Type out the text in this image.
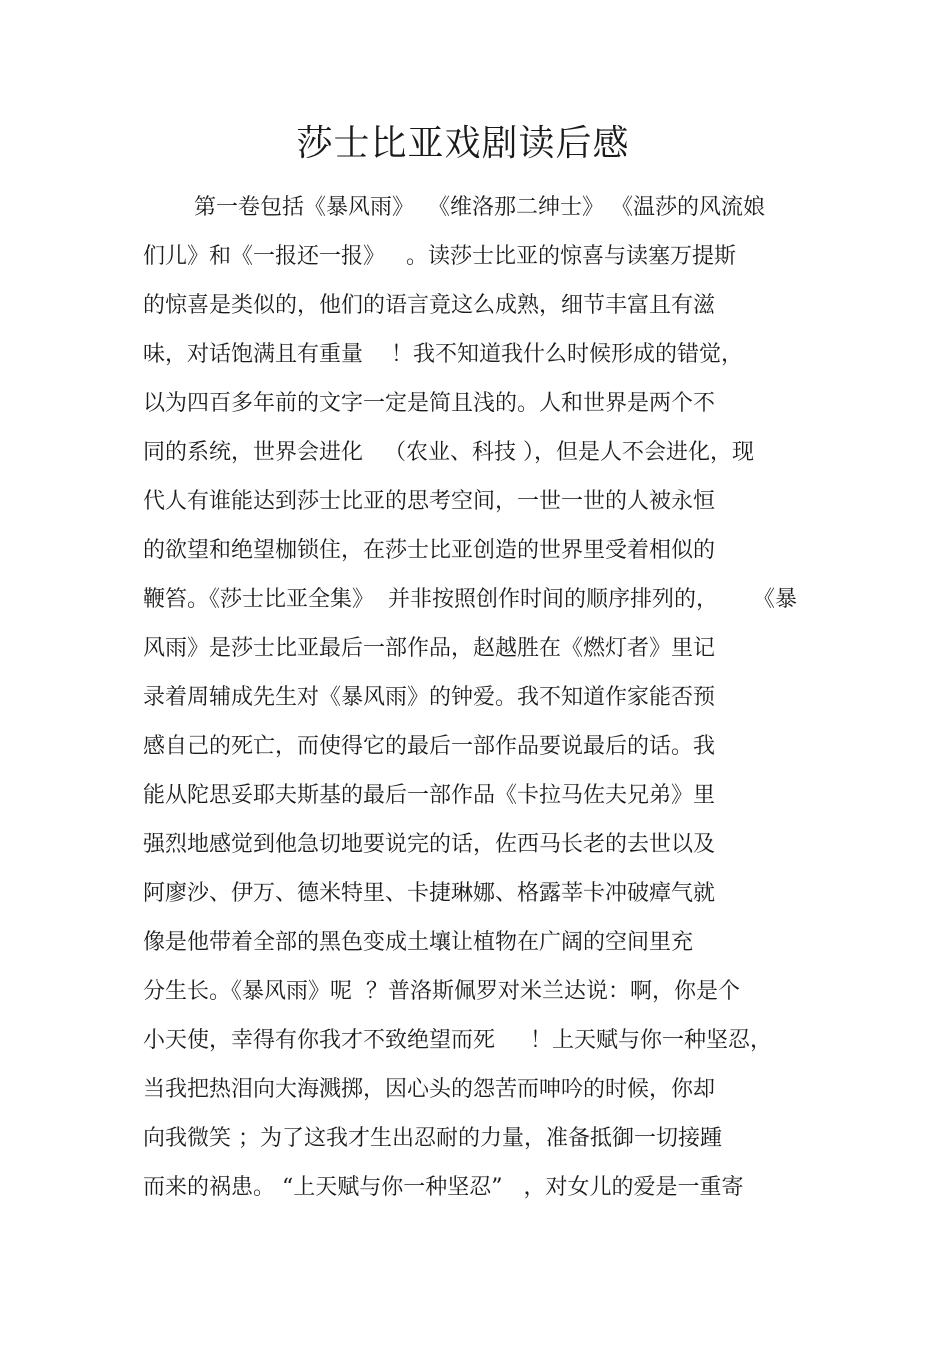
莎士比亚戏剧读后感
第一卷包括《暴风雨》  《维洛那二绅士》 《温莎的风流娘
们儿》和《一报还一报》   。读莎士比亚的惊喜与读塞万提斯
的惊喜是类似的，他们的语言竟这么成熟，细节丰富且有滋
味，对话饱满且有重量    ！我不知道我什么时候形成的错觉，
以为四百多年前的文字一定是简且浅的。人和世界是两个不
同的系统，世界会进化   （农业、科技 ），但是人不会进化，现
代人有谁能达到莎士比亚的思考空间，一世一世的人被永恒
的欲望和绝望枷锁住，在莎士比亚创造的世界里受着相似的
鞭笞。《莎士比亚全集》  并非按照创作时间的顺序排列的，     《暴
风雨》是莎士比亚最后一部作品，赵越胜在《燃灯者》里记
录着周辅成先生对《暴风雨》的钟爱。我不知道作家能否预
感自己的死亡，而使得它的最后一部作品要说最后的话。我
能从陀思妥耶夫斯基的最后一部作品《卡拉马佐夫兄弟》里
强烈地感觉到他急切地要说完的话，佐西马长老的去世以及
阿廖沙、伊万、德米特里、卡捷琳娜、格露莘卡冲破瘴气就
像是他带着全部的黑色变成土壤让植物在广阔的空间里充
分生长。《暴风雨》呢  ？普洛斯佩罗对米兰达说：啊，你是个
小天使，幸得有你我才不致绝望而死     ！上天赋与你一种坚忍，
当我把热泪向大海溅掷，因心头的怨苦而呻吟的时候，你却
向我微笑 ；为了这我才生出忍耐的力量，准备抵御一切接踵
而来的祸患。 “上天赋与你一种坚忍”   ，对女儿的爱是一重寄
